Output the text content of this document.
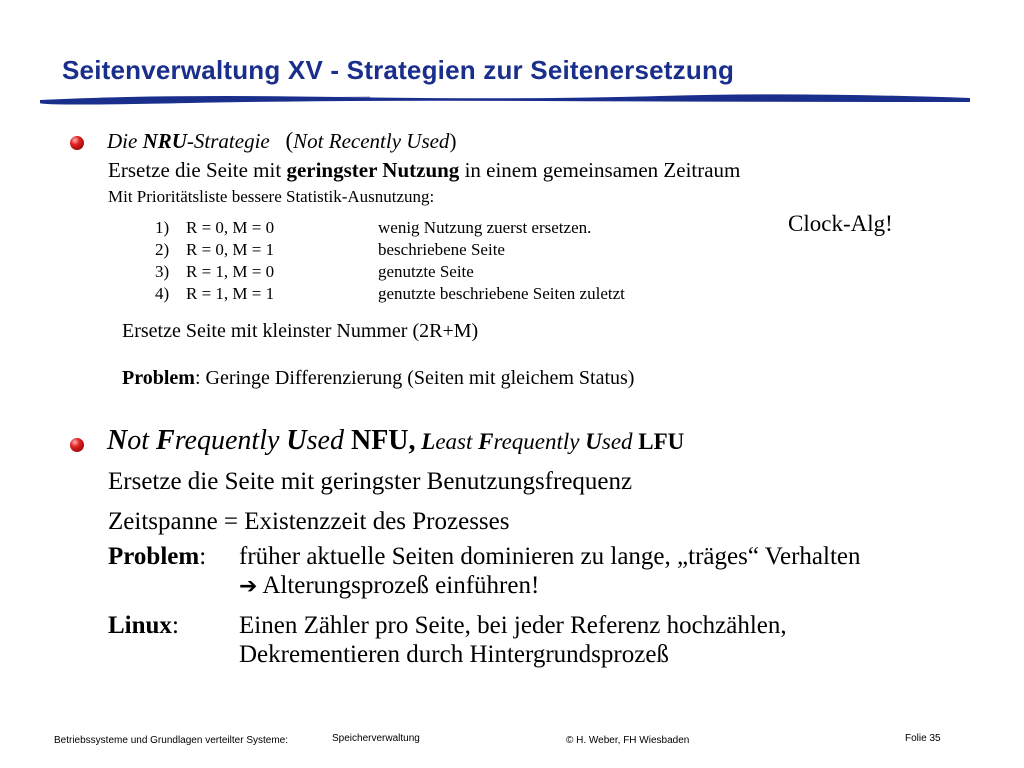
Seitenverwaltung XV - Strategien zur Seitenersetzung
Die NRU-Strategie (Not Recently Used)
Ersetze die Seite mit geringster Nutzung in einem gemeinsamen Zeitraum
Mit Prioritätsliste bessere Statistik-Ausnutzung:
1) R = 0, M = 0	wenig Nutzung zuerst ersetzen.
2) R = 0, M = 1	beschriebene Seite
3) R = 1, M = 0	genutzte Seite
4) R = 1, M = 1	genutzte beschriebene Seiten zuletzt
Clock-Alg!
Ersetze Seite mit kleinster Nummer (2R+M)
Problem: Geringe Differenzierung (Seiten mit gleichem Status)
Not Frequently Used NFU, Least Frequently Used LFU
Ersetze die Seite mit geringster Benutzungsfrequenz
Zeitspanne = Existenzzeit des Prozesses
Problem: früher aktuelle Seiten dominieren zu lange, „träges“ Verhalten
➔ Alterungsprozeß einführen!
Linux: Einen Zähler pro Seite, bei jeder Referenz hochzählen,
Dekrementieren durch Hintergrundsprozeß
Betriebssysteme und Grundlagen verteilter Systeme:	Speicherverwaltung	© H. Weber, FH Wiesbaden	Folie 35
